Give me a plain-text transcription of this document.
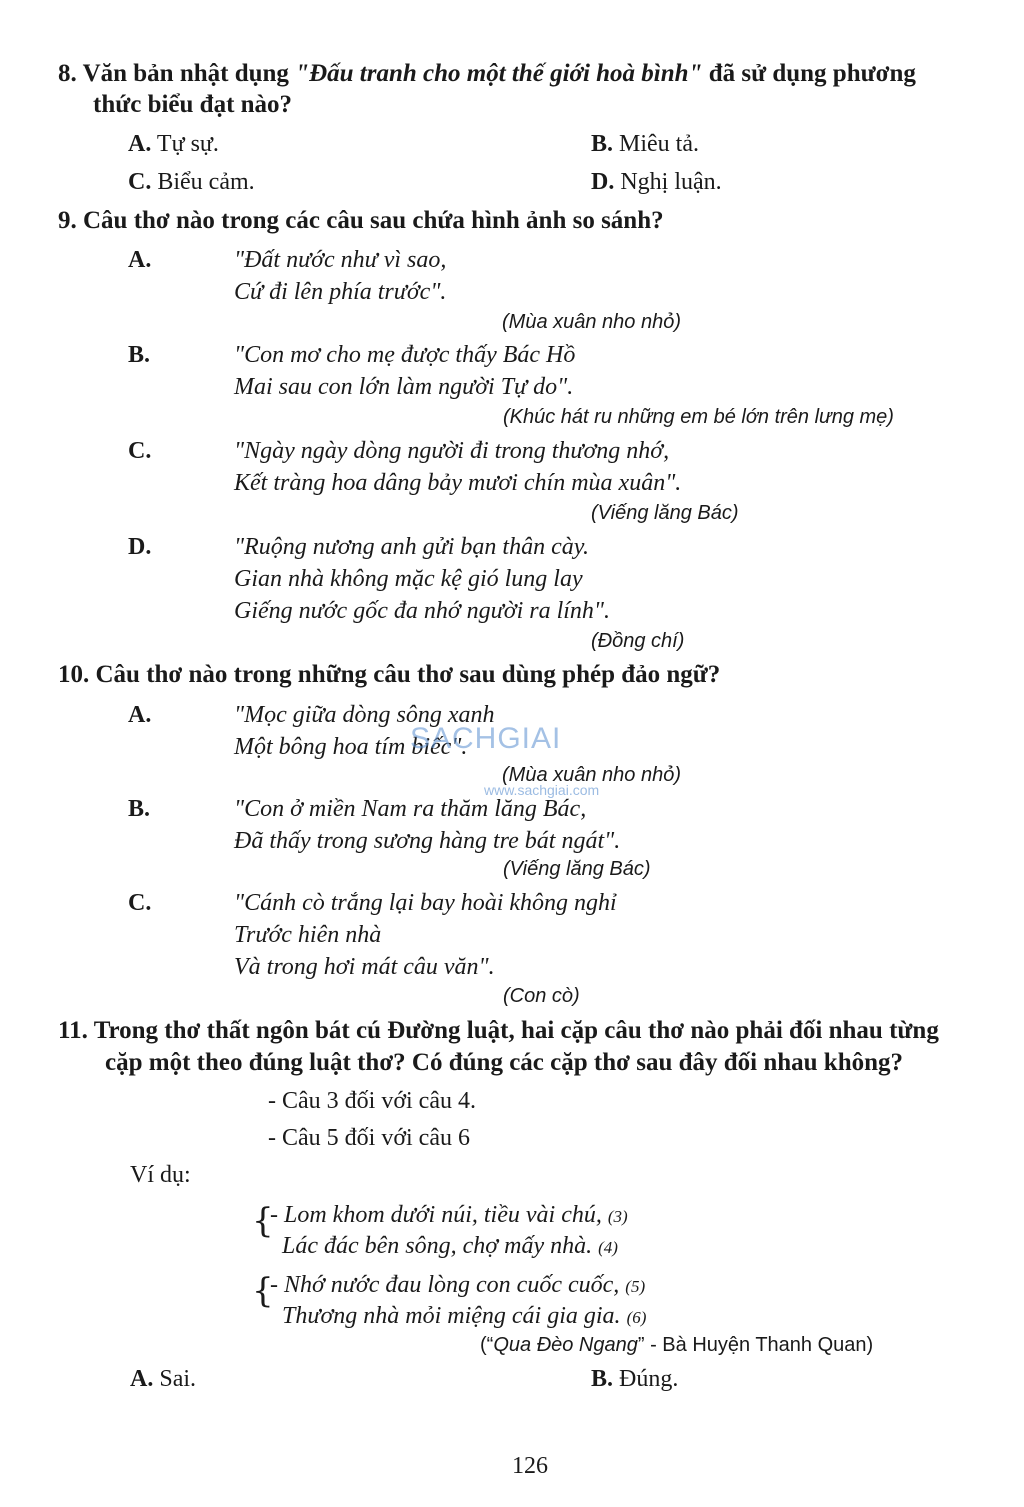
8. Văn bản nhật dụng "Đấu tranh cho một thế giới hoà bình" đã sử dụng phương
thức biểu đạt nào?
A. Tự sự.	B. Miêu tả.
C. Biểu cảm.	D. Nghị luận.
9. Câu thơ nào trong các câu sau chứa hình ảnh so sánh?
A.	"Đất nước như vì sao,
Cứ đi lên phía trước".
(Mùa xuân nho nhỏ)
B.	"Con mơ cho mẹ được thấy Bác Hồ
Mai sau con lớn làm người Tự do".
(Khúc hát ru những em bé lớn trên lưng mẹ)
C.	"Ngày ngày dòng người đi trong thương nhớ,
Kết tràng hoa dâng bảy mươi chín mùa xuân".
(Viếng lăng Bác)
D.	"Ruộng nương anh gửi bạn thân cày.
Gian nhà không mặc kệ gió lung lay
Giếng nước gốc đa nhớ người ra lính".
(Đồng chí)
10. Câu thơ nào trong những câu thơ sau dùng phép đảo ngữ?
A.	"Mọc giữa dòng sông xanh
Một bông hoa tím biếc".
(Mùa xuân nho nhỏ)
SACHGIAI
www.sachgiai.com
B.	"Con ở miền Nam ra thăm lăng Bác,
Đã thấy trong sương hàng tre bát ngát".
(Viếng lăng Bác)
C.	"Cánh cò trắng lại bay hoài không nghỉ
Trước hiên nhà
Và trong hơi mát câu văn".
(Con cò)
11. Trong thơ thất ngôn bát cú Đường luật, hai cặp câu thơ nào phải đối nhau từng
cặp một theo đúng luật thơ? Có đúng các cặp thơ sau đây đối nhau không?
- Câu 3 đối với câu 4.
- Câu 5 đối với câu 6
Ví dụ:
{
- Lom khom dưới núi, tiều vài chú, (3)
Lác đác bên sông, chợ mấy nhà. (4)
{
- Nhớ nước đau lòng con cuốc cuốc, (5)
Thương nhà mỏi miệng cái gia gia. (6)
(“Qua Đèo Ngang” - Bà Huyện Thanh Quan)
A. Sai.	B. Đúng.
126
